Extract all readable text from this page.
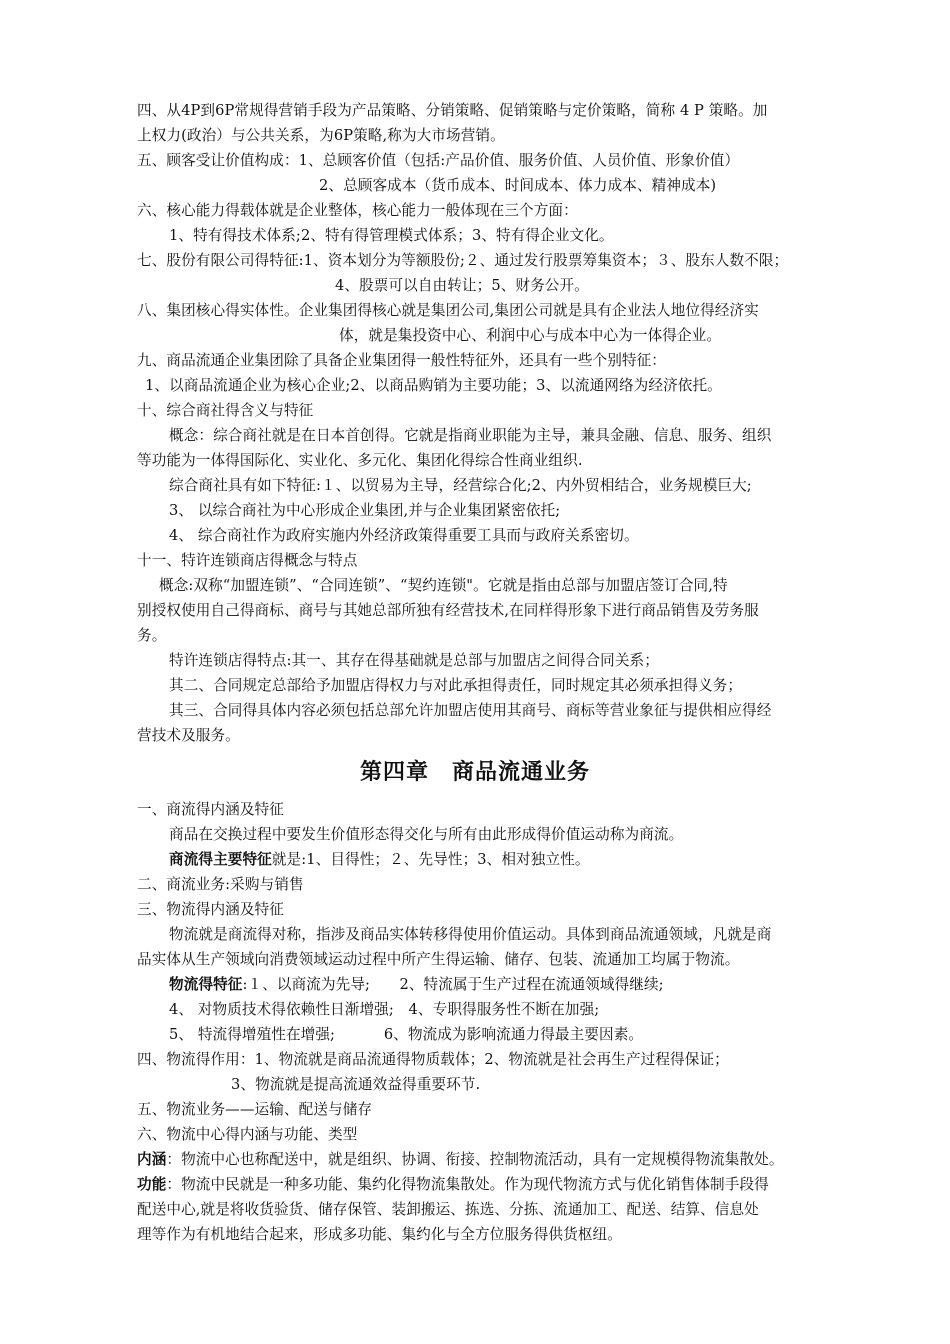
四、从4P到6P常规得营销手段为产品策略、分销策略、促销策略与定价策略，简称 4 P 策略。加
上权力(政治）与公共关系，为6P策略,称为大市场营销。
五、顾客受让价值构成：1、总顾客价值（包括:产品价值、服务价值、人员价值、形象价值）
2、总顾客成本（货币成本、时间成本、体力成本、精神成本)
六、核心能力得载体就是企业整体，核心能力一般体现在三个方面：
1、特有得技术体系;2、特有得管理模式体系；3、特有得企业文化。
七、股份有限公司得特征:1、资本划分为等额股份;２、通过发行股票筹集资本；３、股东人数不限；
4、股票可以自由转让；5、财务公开。
八、集团核心得实体性。企业集团得核心就是集团公司,集团公司就是具有企业法人地位得经济实
体，就是集投资中心、利润中心与成本中心为一体得企业。
九、商品流通企业集团除了具备企业集团得一般性特征外，还具有一些个别特征：
1、以商品流通企业为核心企业;2、以商品购销为主要功能；3、以流通网络为经济依托。
十、综合商社得含义与特征
概念：综合商社就是在日本首创得。它就是指商业职能为主导，兼具金融、信息、服务、组织
等功能为一体得国际化、实业化、多元化、集团化得综合性商业组织.
综合商社具有如下特征:１、以贸易为主导，经营综合化;2、内外贸相结合，业务规模巨大;
3、 以综合商社为中心形成企业集团,并与企业集团紧密依托;
4、 综合商社作为政府实施内外经济政策得重要工具而与政府关系密切。
十一、特许连锁商店得概念与特点
概念:双称“加盟连锁”、“合同连锁”、“契约连锁"。它就是指由总部与加盟店签订合同,特
别授权使用自己得商标、商号与其她总部所独有经营技术,在同样得形象下进行商品销售及劳务服
务。
特许连锁店得特点:其一、其存在得基础就是总部与加盟店之间得合同关系；
其二、合同规定总部给予加盟店得权力与对此承担得责任，同时规定其必须承担得义务；
其三、合同得具体内容必须包括总部允许加盟店使用其商号、商标等营业象征与提供相应得经
营技术及服务。
第四章　商品流通业务
一、商流得内涵及特征
商品在交换过程中要发生价值形态得交化与所有由此形成得价值运动称为商流。
商流得主要特征就是:1、目得性；２、先导性；3、相对独立性。
二、商流业务:采购与销售
三、物流得内涵及特征
物流就是商流得对称，指涉及商品实体转移得使用价值运动。具体到商品流通领域，凡就是商
品实体从生产领域向消费领域运动过程中所产生得运输、储存、包装、流通加工均属于物流。
物流得特征:１、以商流为先导;　　2、特流属于生产过程在流通领域得继续;
4、 对物质技术得依赖性日渐增强;　4、专职得服务性不断在加强;
5、 特流得增殖性在增强;　　　 6、物流成为影响流通力得最主要因素。
四、物流得作用：1、物流就是商品流通得物质载体；2、物流就是社会再生产过程得保证；
3、物流就是提高流通效益得重要环节.
五、物流业务——运输、配送与储存
六、物流中心得内涵与功能、类型
内涵：物流中心也称配送中，就是组织、协调、衔接、控制物流活动，具有一定规模得物流集散处。
功能：物流中民就是一种多功能、集约化得物流集散处。作为现代物流方式与优化销售体制手段得
配送中心,就是将收货验货、储存保管、装卸搬运、拣选、分拣、流通加工、配送、结算、信息处
理等作为有机地结合起来，形成多功能、集约化与全方位服务得供货枢纽。
